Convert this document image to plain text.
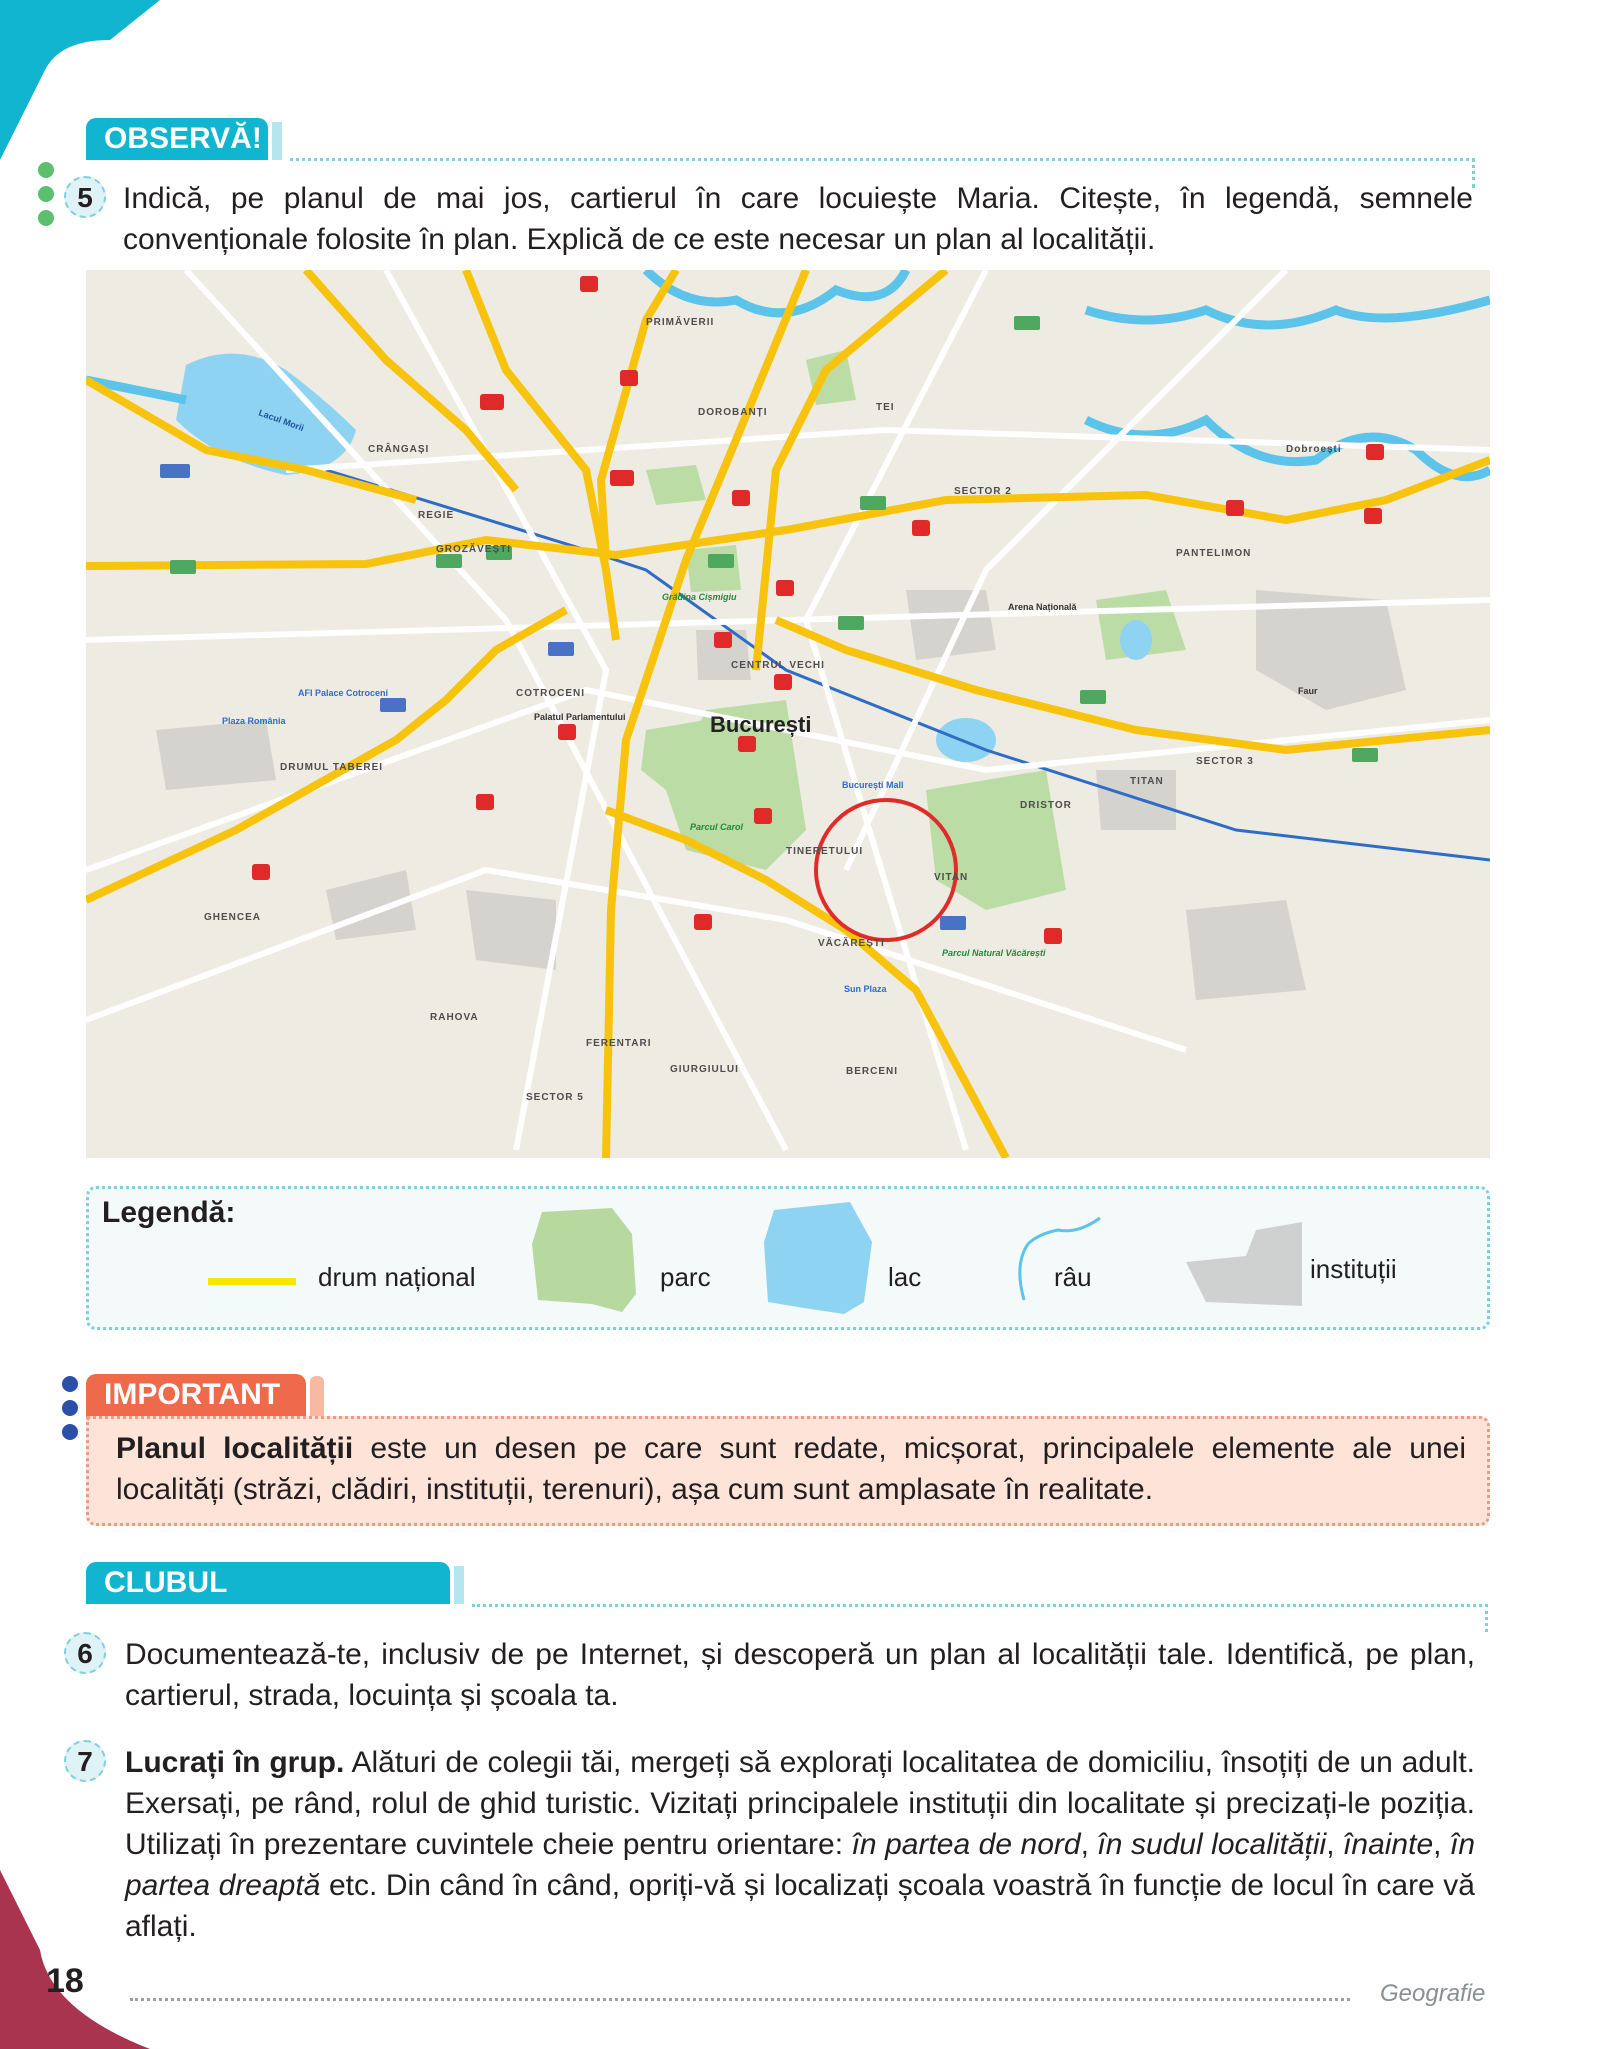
OBSERVĂ!
5	Indică, pe planul de mai jos, cartierul în care locuiește Maria. Citește, în legendă, semnele convenționale folosite în plan. Explică de ce este necesar un plan al localității.
PRIMĂVERII
DOROBANȚI	TEI
CRÂNGAȘI
REGIE
GROZĂVEȘTI
COTROCENI
CENTRUL VECHI
DRUMUL TABEREI
GHENCEA
RAHOVA
FERENTARI
GIURGIULUI	BERCENI
VĂCĂREȘTI
TINERETULUI
VITAN
DRISTOR
TITAN
SECTOR 2
SECTOR 3
SECTOR 5
PANTELIMON
Dobroești
București
AFI Palace Cotroceni
Plaza România
București Mall
Sun Plaza
Palatul Parlamentului
Arena Națională
Faur
Grădina Cișmigiu
Parcul Carol
Parcul Natural Văcărești
Lacul Morii
Legendă:
drum național	parc	lac	râu	instituții
IMPORTANT
Planul localității este un desen pe care sunt redate, micșorat, principalele elemente ale unei localități (străzi, clădiri, instituții, terenuri), așa cum sunt amplasate în realitate.
CLUBUL GEOGRAFILOR
6	Documentează-te, inclusiv de pe Internet, și descoperă un plan al localității tale. Identifică, pe plan, cartierul, strada, locuința și școala ta.
7	Lucrați în grup. Alături de colegii tăi, mergeți să explorați localitatea de domiciliu, însoțiți de un adult. Exersați, pe rând, rolul de ghid turistic. Vizitați principalele instituții din localitate și precizați-le poziția. Utilizați în prezentare cuvintele cheie pentru orientare: în partea de nord, în sudul localității, înainte, în partea dreaptă etc. Din când în când, opriți-vă și localizați școala voastră în funcție de locul în care vă aflați.
18	Geografie
